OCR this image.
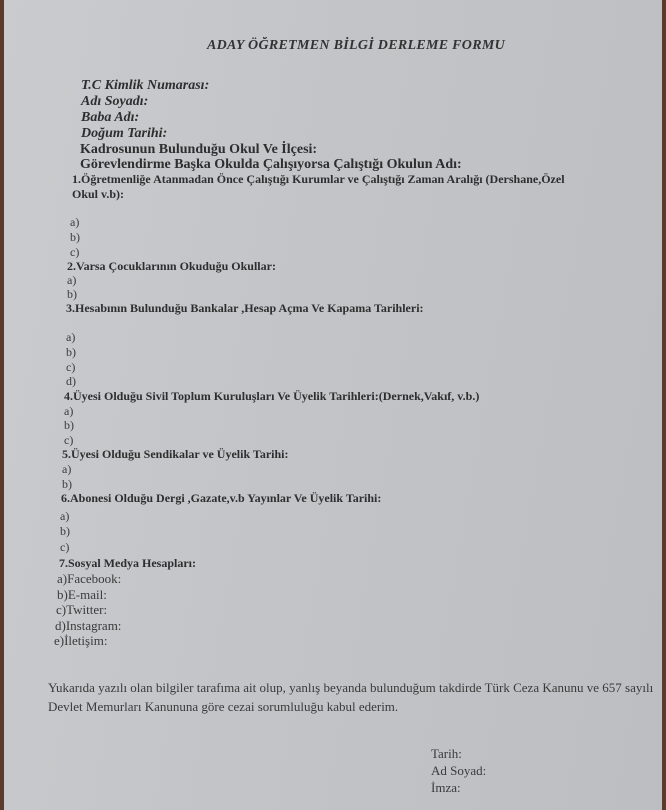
ADAY ÖĞRETMEN BİLGİ DERLEME FORMU
T.C Kimlik Numarası:
Adı Soyadı:
Baba Adı:
Doğum Tarihi:
Kadrosunun Bulunduğu Okul Ve İlçesi:
Görevlendirme Başka Okulda Çalışıyorsa Çalıştığı Okulun Adı:
1.Öğretmenliğe Atanmadan Önce Çalıştığı Kurumlar ve Çalıştığı Zaman Aralığı (Dershane,Özel
Okul v.b):
a)
b)
c)
2.Varsa Çocuklarının Okuduğu Okullar:
a)
b)
3.Hesabının Bulunduğu Bankalar ,Hesap Açma Ve Kapama Tarihleri:
a)
b)
c)
d)
4.Üyesi Olduğu Sivil Toplum Kuruluşları Ve Üyelik Tarihleri:(Dernek,Vakıf, v.b.)
a)
b)
c)
5.Üyesi Olduğu Sendikalar ve Üyelik Tarihi:
a)
b)
6.Abonesi Olduğu Dergi ,Gazate,v.b Yayınlar Ve Üyelik Tarihi:
a)
b)
c)
7.Sosyal Medya Hesapları:
a)Facebook:
b)E-mail:
c)Twitter:
d)Instagram:
e)İletişim:
Yukarıda yazılı olan bilgiler tarafıma ait olup, yanlış beyanda bulunduğum takdirde Türk Ceza Kanunu ve 657 sayılı Devlet Memurları Kanununa göre cezai sorumluluğu kabul ederim.
Tarih:
Ad Soyad:
İmza:
